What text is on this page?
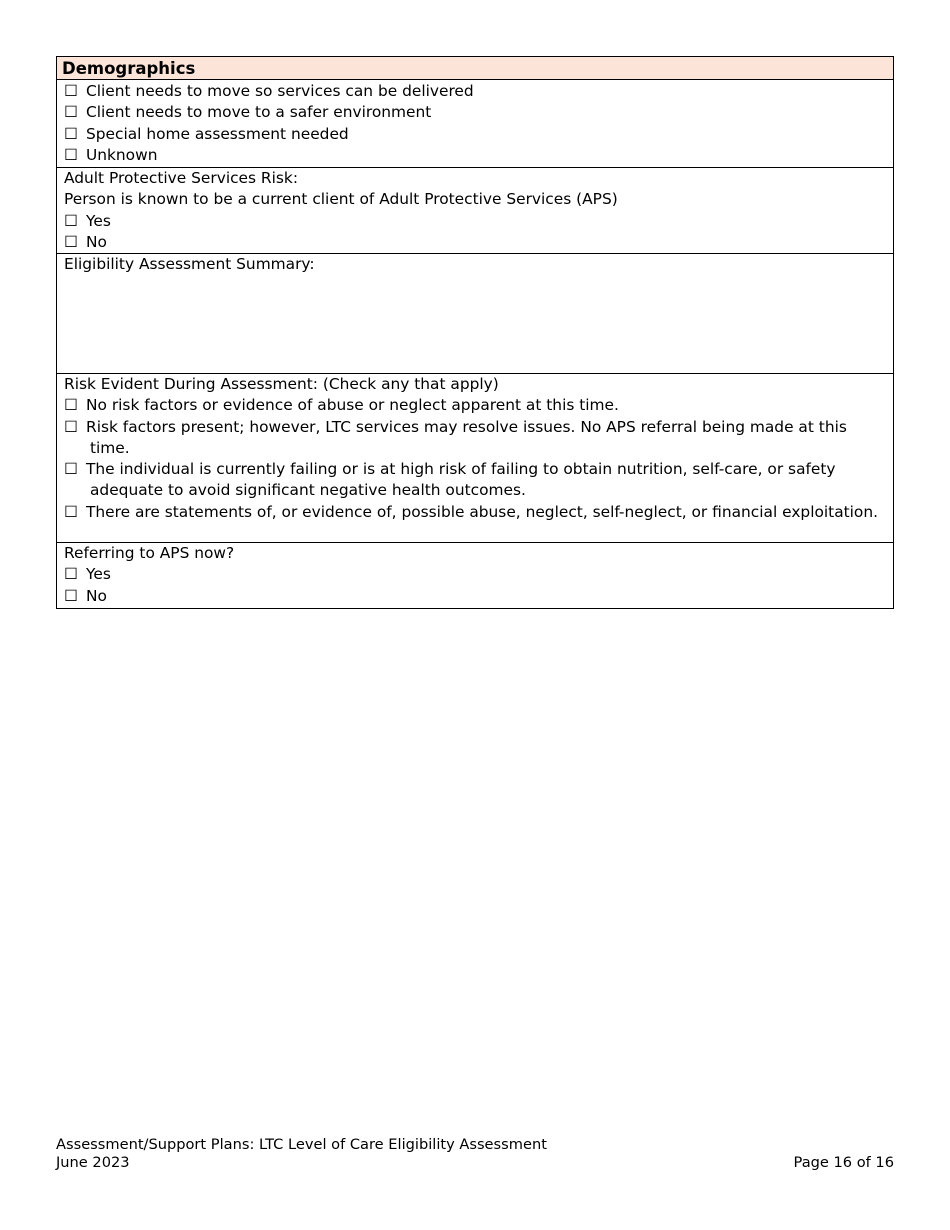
Demographics
☐ Client needs to move so services can be delivered
☐ Client needs to move to a safer environment
☐ Special home assessment needed
☐ Unknown
Adult Protective Services Risk:
Person is known to be a current client of Adult Protective Services (APS)
☐ Yes
☐ No
Eligibility Assessment Summary:
Risk Evident During Assessment: (Check any that apply)
☐ No risk factors or evidence of abuse or neglect apparent at this time.
☐ Risk factors present; however, LTC services may resolve issues. No APS referral being made at this time.
☐ The individual is currently failing or is at high risk of failing to obtain nutrition, self-care, or safety adequate to avoid significant negative health outcomes.
☐ There are statements of, or evidence of, possible abuse, neglect, self-neglect, or financial exploitation.
Referring to APS now?
☐ Yes
☐ No
Assessment/Support Plans: LTC Level of Care Eligibility Assessment
June 2023	Page 16 of 16
